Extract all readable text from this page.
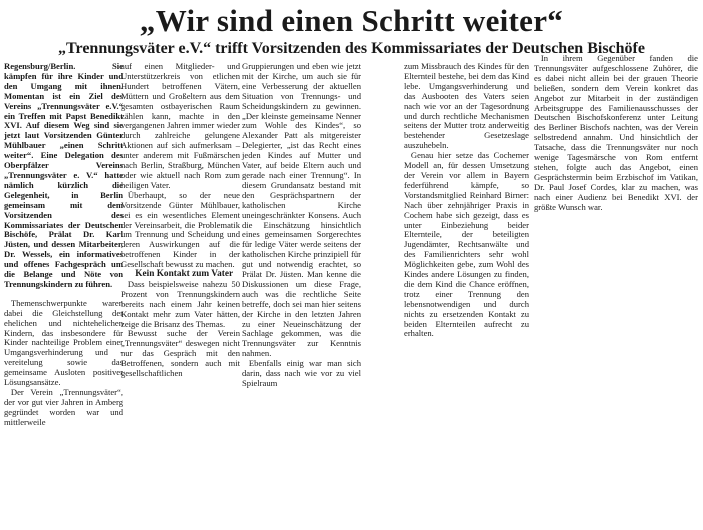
„Wir sind einen Schritt weiter“
„Trennungsväter e.V.“ trifft Vorsitzenden des Kommissariates der Deutschen Bischöfe

Regensburg/Berlin. Sie kämpfen für ihre Kinder und den Umgang mit ihnen. Momentan ist ein Ziel des Vereins „Trennungsväter e.V.“ ein Treffen mit Papst Benedikt XVI. Auf diesem Weg sind sie jetzt laut Vorsitzenden Günter Mühlbauer „einen Schritt weiter“. Eine Delegation des Oberpfälzer Vereins „Trennungsväter e. V.“ hatte nämlich kürzlich die Gelegenheit, in Berlin gemeinsam mit dem Vorsitzenden des Kommissariates der Deutschen Bischöfe, Prälat Dr. Karl Jüsten, und dessen Mitarbeiter, Dr. Wessels, ein informatives und offenes Fachgespräch um die Belange und Nöte von Trennungskindern zu führen.

Themenschwerpunkte waren dabei die Gleichstellung der ehelichen und nichtehelichen Kindern, das insbesondere für Kinder nachteilige Problem einer Umgangsverhinderung und -vereitelung sowie das gemeinsame Ausloten positiver Lösungsansätze.

Der Verein „Trennungsväter“, der vor gut vier Jahren in Amberg gegründet worden war und mittlerweile

auf einen Mitglieder- und Unterstützerkreis von etlichen Hundert betroffenen Vätern, Müttern und Großeltern aus dem gesamten ostbayerischen Raum zählen kann, machte in den vergangenen Jahren immer wieder durch zahlreiche gelungene Aktionen auf sich aufmerksam – unter anderem mit Fußmärschen nach Berlin, Straßburg, München oder wie aktuell nach Rom zum heiligen Vater.

Überhaupt, so der neue Vorsitzende Günter Mühlbauer, sei es ein wesentliches Element der Vereinsarbeit, die Problematik um Trennung und Scheidung und deren Auswirkungen auf die betroffenen Kinder in der Gesellschaft bewusst zu machen.

Kein Kontakt zum Vater

Dass beispielsweise nahezu 50 Prozent von Trennungskindern bereits nach einem Jahr keinen Kontakt mehr zum Vater hätten, zeige die Brisanz des Themas.

Bewusst suche der Verein „Trennungsväter“ deswegen nicht nur das Gespräch mit den Betroffenen, sondern auch mit gesellschaftlichen

Gruppierungen und eben wie jetzt mit der Kirche, um auch sie für eine Verbesserung der aktuellen Situation von Trennungs- und Scheidungskindern zu gewinnen. „Der kleinste gemeinsame Nenner zum Wohle des Kindes“, so Alexander Patt als mitgereister Delegierter, „ist das Recht eines jeden Kindes auf Mutter und Vater, auf beide Eltern auch und gerade nach einer Trennung“. In diesem Grundansatz bestand mit den Gesprächspartnern der katholischen Kirche uneingeschränkter Konsens. Auch die Einschätzung hinsichtlich eines gemeinsamen Sorgerechtes für ledige Väter werde seitens der katholischen Kirche prinzipiell für gut und notwendig erachtet, so Prälat Dr. Jüsten. Man kenne die Diskussionen um diese Frage, auch was die rechtliche Seite betreffe, doch sei man hier seitens der Kirche in den letzten Jahren zu einer Neueinschätzung der Sachlage gekommen, was die Trennungsväter zur Kenntnis nahmen.

Ebenfalls einig war man sich darin, dass nach wie vor zu viel Spielraum

zum Missbrauch des Kindes für den Elternteil bestehe, bei dem das Kind lebe. Umgangsverhinderung und das Ausbooten des Vaters seien nach wie vor an der Tagesordnung und durch rechtliche Mechanismen seitens der Mutter trotz anderweitig bestehender Gesetzeslage auszuhebeln.

Genau hier setze das Cochemer Modell an, für dessen Umsetzung der Verein vor allem in Bayern federführend kämpfe, so Vorstandsmitglied Reinhard Birner: Nach über zehnjähriger Praxis in Cochem habe sich gezeigt, dass es unter Einbeziehung beider Elternteile, der beteiligten Jugendämter, Rechtsanwälte und des Familienrichters sehr wohl Möglichkeiten gebe, zum Wohl des Kindes andere Lösungen zu finden, die dem Kind die Chance eröffnen, trotz einer Trennung den lebensnotwendigen und durch nichts zu ersetzenden Kontakt zu beiden Elternteilen aufrecht zu erhalten.

In ihrem Gegenüber fanden die Trennungsväter aufgeschlossene Zuhörer, die es dabei nicht allein bei der grauen Theorie beließen, sondern dem Verein konkret das Angebot zur Mitarbeit in der zuständigen Arbeitsgruppe des Familienausschusses der Deutschen Bischofskonferenz unter Leitung des Berliner Bischofs nachten, was der Verein selbstredend annahm. Und hinsichtlich der Tatsache, dass die Trennungsväter nur noch wenige Tagesmärsche von Rom entfernt stehen, folgte auch das Angebot, einen Gesprächstermin beim Erzbischof im Vatikan, Dr. Paul Josef Cordes, klar zu machen, was nach einer Audienz bei Benedikt XVI. der größte Wunsch war.
